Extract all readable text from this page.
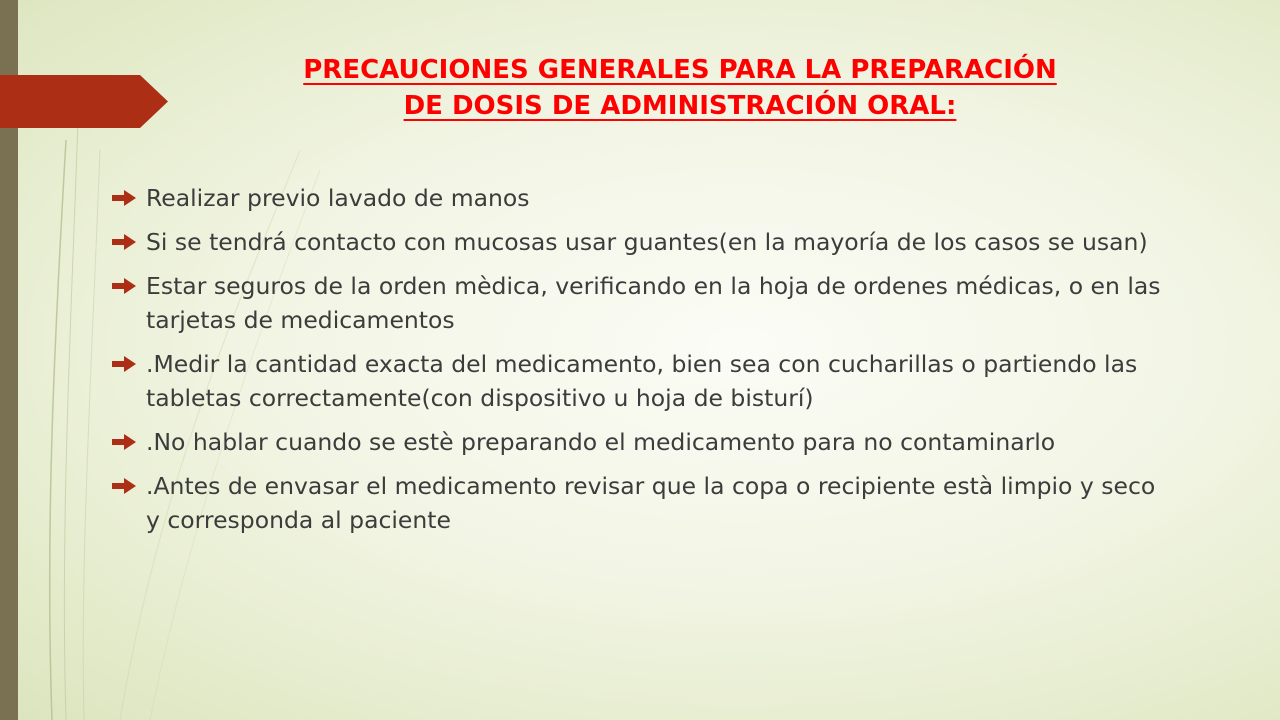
PRECAUCIONES GENERALES PARA LA PREPARACIÓN
DE DOSIS DE ADMINISTRACIÓN ORAL:
Realizar previo lavado de manos
Si se tendrá contacto con mucosas usar guantes(en la mayoría de los casos se usan)
Estar seguros de la orden mèdica, verificando en la hoja de ordenes médicas, o en las tarjetas de medicamentos
.Medir la cantidad exacta del medicamento, bien sea con cucharillas o partiendo las tabletas correctamente(con dispositivo u hoja de bisturí)
.No hablar cuando se estè preparando el medicamento para no contaminarlo
.Antes de envasar el medicamento revisar que la copa o recipiente està limpio y seco y corresponda al paciente
